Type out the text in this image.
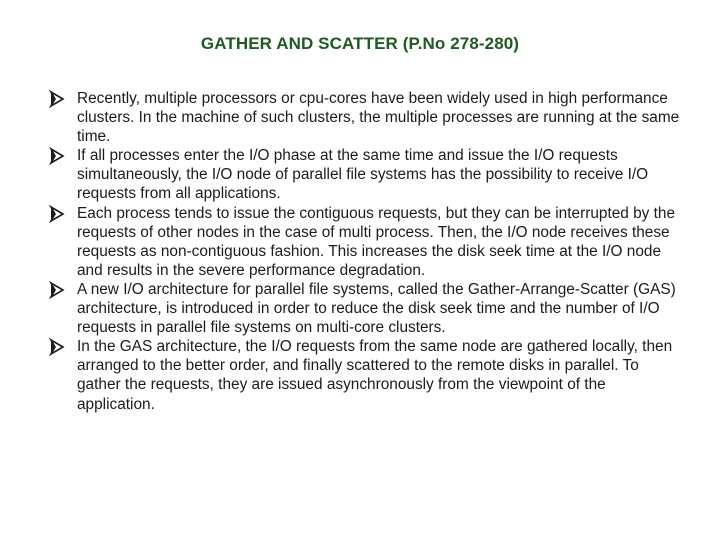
GATHER AND SCATTER (P.No 278-280)
Recently, multiple processors or cpu-cores have been widely used in high performance clusters. In the machine of such clusters, the multiple processes are running at the same time.
If all processes enter the I/O phase at the same time and issue the I/O requests simultaneously, the I/O node of parallel file systems has the possibility to receive I/O requests from all applications.
Each process tends to issue the contiguous requests, but they can be interrupted by the requests of other nodes in the case of multi process. Then, the I/O node receives these requests as non-contiguous fashion. This increases the disk seek time at the I/O node and results in the severe performance degradation.
A new I/O architecture for parallel file systems, called the Gather-Arrange-Scatter (GAS) architecture, is introduced in order to reduce the disk seek time and the number of I/O requests in parallel file systems on multi-core clusters.
In the GAS architecture, the I/O requests from the same node are gathered locally, then arranged to the better order, and finally scattered to the remote disks in parallel. To gather the requests, they are issued asynchronously from the viewpoint of the application.
